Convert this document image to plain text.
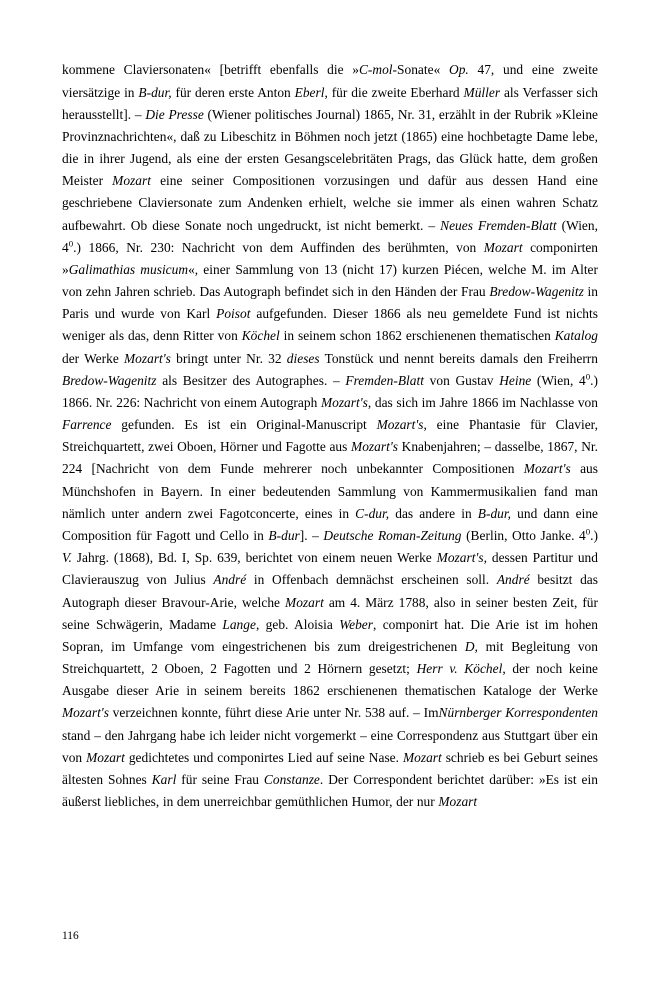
kommene Claviersonaten« [betrifft ebenfalls die »C-mol-Sonate« Op. 47, und eine zweite viersätzige in B-dur, für deren erste Anton Eberl, für die zweite Eberhard Müller als Verfasser sich herausstellt]. – Die Presse (Wiener politisches Journal) 1865, Nr. 31, erzählt in der Rubrik »Kleine Provinznachrichten«, daß zu Libeschitz in Böhmen noch jetzt (1865) eine hochbetagte Dame lebe, die in ihrer Jugend, als eine der ersten Gesangscelebritäten Prags, das Glück hatte, dem großen Meister Mozart eine seiner Compositionen vorzusingen und dafür aus dessen Hand eine geschriebene Claviersonate zum Andenken erhielt, welche sie immer als einen wahren Schatz aufbewahrt. Ob diese Sonate noch ungedruckt, ist nicht bemerkt. – Neues Fremden-Blatt (Wien, $4^0$.) 1866, Nr. 230: Nachricht von dem Auffinden des berühmten, von Mozart componirten »Galimathias musicum«, einer Sammlung von 13 (nicht 17) kurzen Piécen, welche M. im Alter von zehn Jahren schrieb. Das Autograph befindet sich in den Händen der Frau Bredow-Wagenitz in Paris und wurde von Karl Poisot aufgefunden. Dieser 1866 als neu gemeldete Fund ist nichts weniger als das, denn Ritter von Köchel in seinem schon 1862 erschienenen thematischen Katalog der Werke Mozart's bringt unter Nr. 32 dieses Tonstück und nennt bereits damals den Freiherrn Bredow-Wagenitz als Besitzer des Autographes. – Fremden-Blatt von Gustav Heine (Wien, $4^0$.) 1866. Nr. 226: Nachricht von einem Autograph Mozart's, das sich im Jahre 1866 im Nachlasse von Farrence gefunden. Es ist ein Original-Manuscript Mozart's, eine Phantasie für Clavier, Streichquartett, zwei Oboen, Hörner und Fagotte aus Mozart's Knabenjahren; – dasselbe, 1867, Nr. 224 [Nachricht von dem Funde mehrerer noch unbekannter Compositionen Mozart's aus Münchshofen in Bayern. In einer bedeutenden Sammlung von Kammermusikalien fand man nämlich unter andern zwei Fagotconcerte, eines in C-dur, das andere in B-dur, und dann eine Composition für Fagott und Cello in B-dur]. – Deutsche Roman-Zeitung (Berlin, Otto Janke. $4^0$.) V. Jahrg. (1868), Bd. I, Sp. 639, berichtet von einem neuen Werke Mozart's, dessen Partitur und Clavierauszug von Julius André in Offenbach demnächst erscheinen soll. André besitzt das Autograph dieser Bravour-Arie, welche Mozart am 4. März 1788, also in seiner besten Zeit, für seine Schwägerin, Madame Lange, geb. Aloisia Weber, componirt hat. Die Arie ist im hohen Sopran, im Umfange vom eingestrichenen bis zum dreigestrichenen D, mit Begleitung von Streichquartett, 2 Oboen, 2 Fagotten und 2 Hörnern gesetzt; Herr v. Köchel, der noch keine Ausgabe dieser Arie in seinem bereits 1862 erschienenen thematischen Kataloge der Werke Mozart's verzeichnen konnte, führt diese Arie unter Nr. 538 auf. – ImNürnberger Korrespondenten stand – den Jahrgang habe ich leider nicht vorgemerkt – eine Correspondenz aus Stuttgart über ein von Mozart gedichtetes und componirtes Lied auf seine Nase. Mozart schrieb es bei Geburt seines ältesten Sohnes Karl für seine Frau Constanze. Der Correspondent berichtet darüber: »Es ist ein äußerst liebliches, in dem unerreichbar gemüthlichen Humor, der nur Mozart

116
